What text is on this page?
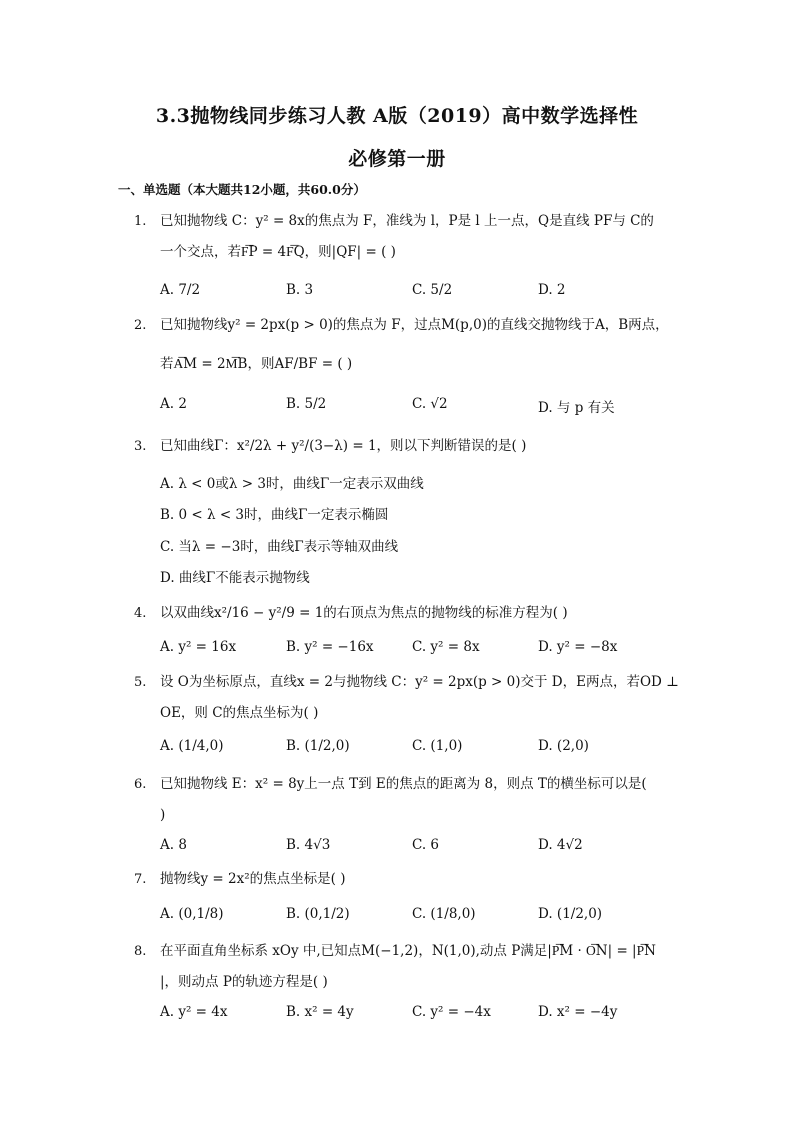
3.3抛物线同步练习人教 A版（2019）高中数学选择性
必修第一册
一、单选题（本大题共12小题，共60.0分）
1. 已知抛物线 C：y² = 8x的焦点为 F，准线为 l，P是 l 上一点，Q是直线 PF与 C的
一个交点，若F͞P = 4F͞Q，则|QF| = ( )
A. 7/2	B. 3	C. 5/2	D. 2
2. 已知抛物线y² = 2px(p > 0)的焦点为 F，过点M(p,0)的直线交抛物线于A，B两点，
若A͞M = 2M͞B，则AF/BF = ( )
A. 2	B. 5/2	C. √2	D. 与 p 有关
3. 已知曲线Γ：x²/2λ + y²/(3−λ) = 1，则以下判断错误的是( )
A. λ < 0或λ > 3时，曲线Γ一定表示双曲线
B. 0 < λ < 3时，曲线Γ一定表示椭圆
C. 当λ = −3时，曲线Γ表示等轴双曲线
D. 曲线Γ不能表示抛物线
4. 以双曲线x²/16 − y²/9 = 1的右顶点为焦点的抛物线的标准方程为( )
A. y² = 16x	B. y² = −16x	C. y² = 8x	D. y² = −8x
5. 设 O为坐标原点，直线x = 2与抛物线 C：y² = 2px(p > 0)交于 D，E两点，若OD ⊥
OE，则 C的焦点坐标为( )
A. (1/4,0)	B. (1/2,0)	C. (1,0)	D. (2,0)
6. 已知抛物线 E：x² = 8y上一点 T到 E的焦点的距离为 8，则点 T的横坐标可以是(
)
A. 8	B. 4√3	C. 6	D. 4√2
7. 抛物线y = 2x²的焦点坐标是( )
A. (0,1/8)	B. (0,1/2)	C. (1/8,0)	D. (1/2,0)
8. 在平面直角坐标系 xOy 中,已知点M(−1,2)，N(1,0),动点 P满足|P͞M · O͞N| = |P͞N
|，则动点 P的轨迹方程是( )
A. y² = 4x	B. x² = 4y	C. y² = −4x	D. x² = −4y
